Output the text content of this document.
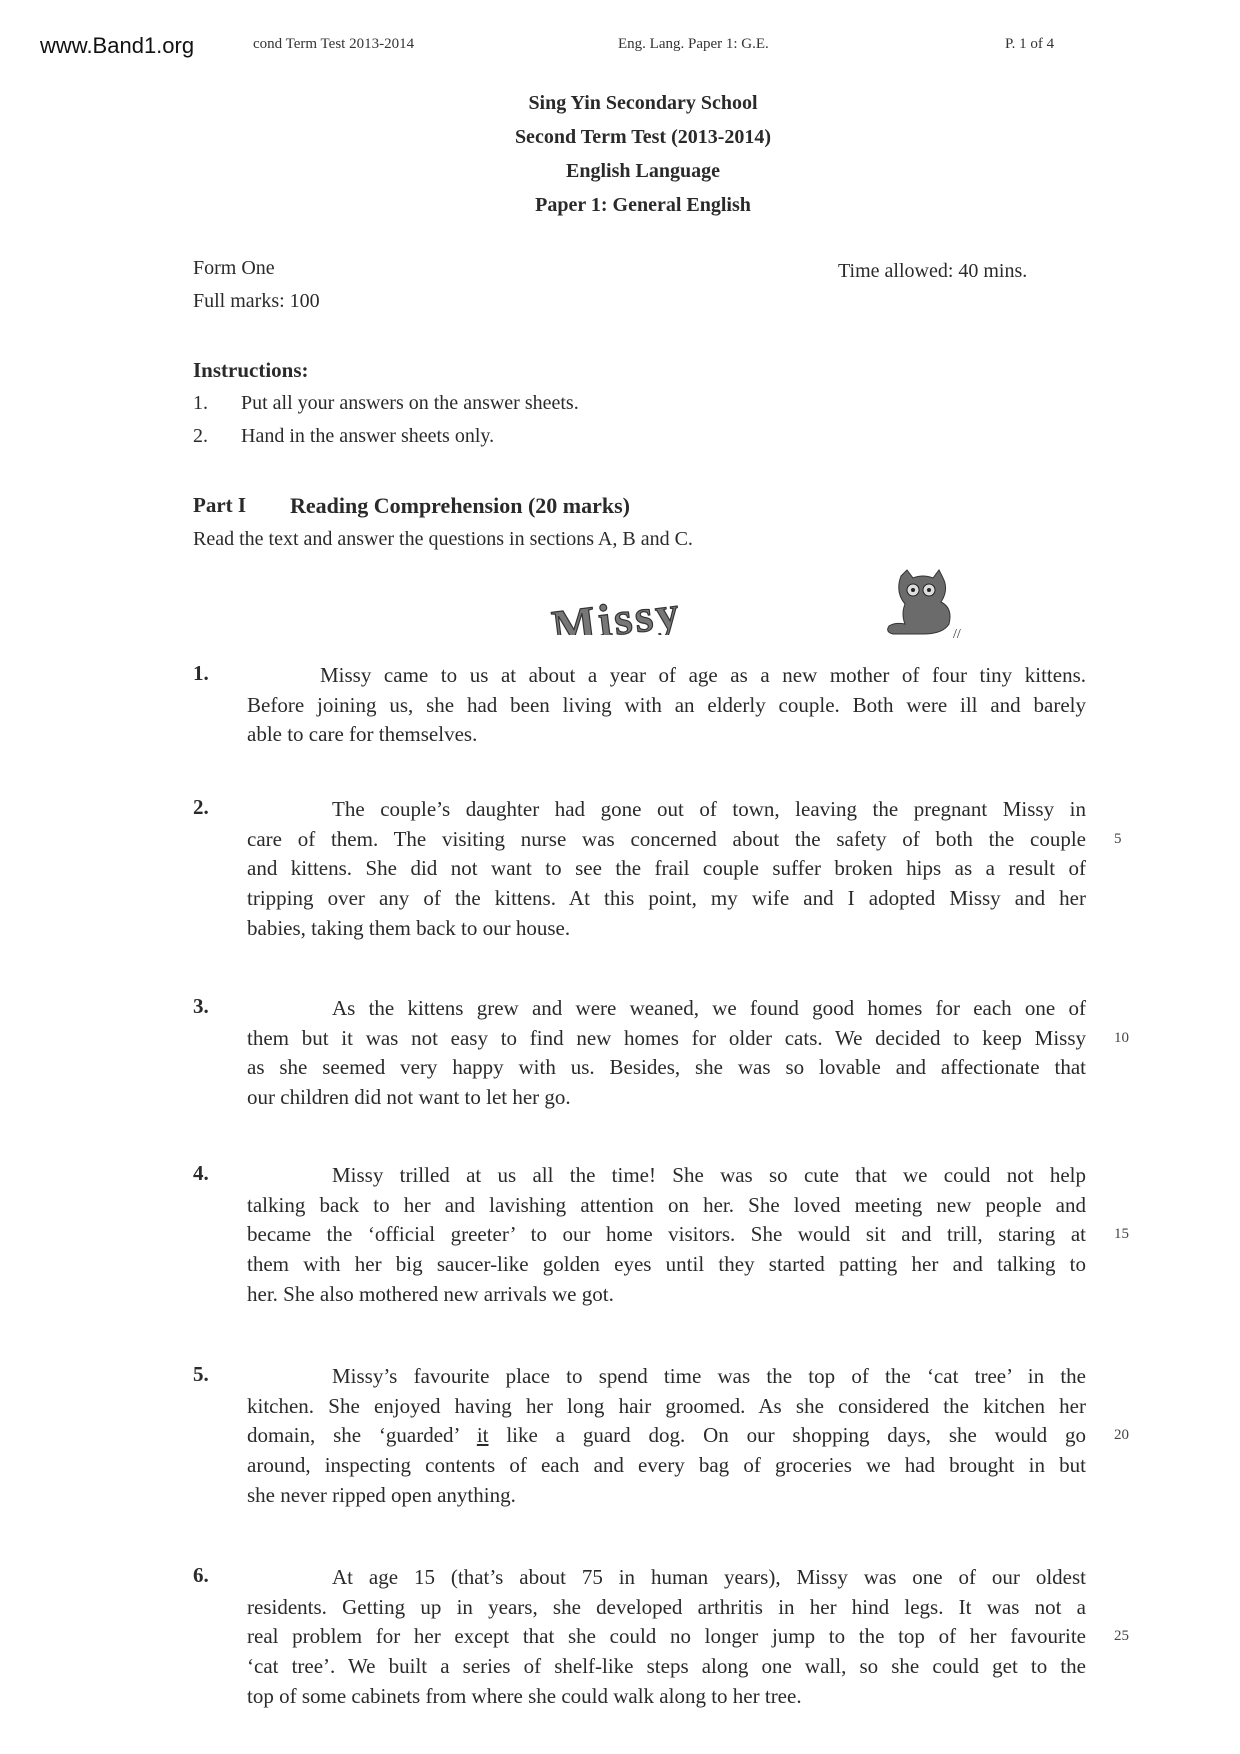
www.Band1.org	cond Term Test 2013-2014	Eng. Lang. Paper 1: G.E.	P. 1 of 4
Sing Yin Secondary School
Second Term Test (2013-2014)
English Language
Paper 1: General English
Form One
Full marks: 100
Time allowed: 40 mins.
Instructions:
1. Put all your answers on the answer sheets.
2. Hand in the answer sheets only.
Part I Reading Comprehension (20 marks)
Read the text and answer the questions in sections A, B and C.
Missy	//
1.	Missy came to us at about a year of age as a new mother of four tiny kittens.
Before joining us, she had been living with an elderly couple. Both were ill and barely
able to care for themselves.
2.	The couple’s daughter had gone out of town, leaving the pregnant Missy in
care of them. The visiting nurse was concerned about the safety of both the couple 5
and kittens. She did not want to see the frail couple suffer broken hips as a result of
tripping over any of the kittens. At this point, my wife and I adopted Missy and her
babies, taking them back to our house.
3.	As the kittens grew and were weaned, we found good homes for each one of
them but it was not easy to find new homes for older cats. We decided to keep Missy 10
as she seemed very happy with us. Besides, she was so lovable and affectionate that
our children did not want to let her go.
4.	Missy trilled at us all the time! She was so cute that we could not help
talking back to her and lavishing attention on her. She loved meeting new people and
became the ‘official greeter’ to our home visitors. She would sit and trill, staring at 15
them with her big saucer-like golden eyes until they started patting her and talking to
her. She also mothered new arrivals we got.
5.	Missy’s favourite place to spend time was the top of the ‘cat tree’ in the
kitchen. She enjoyed having her long hair groomed. As she considered the kitchen her
domain, she ‘guarded’ it like a guard dog. On our shopping days, she would go 20
around, inspecting contents of each and every bag of groceries we had brought in but
she never ripped open anything.
6.	At age 15 (that’s about 75 in human years), Missy was one of our oldest
residents. Getting up in years, she developed arthritis in her hind legs. It was not a
real problem for her except that she could no longer jump to the top of her favourite 25
‘cat tree’. We built a series of shelf-like steps along one wall, so she could get to the
top of some cabinets from where she could walk along to her tree.
